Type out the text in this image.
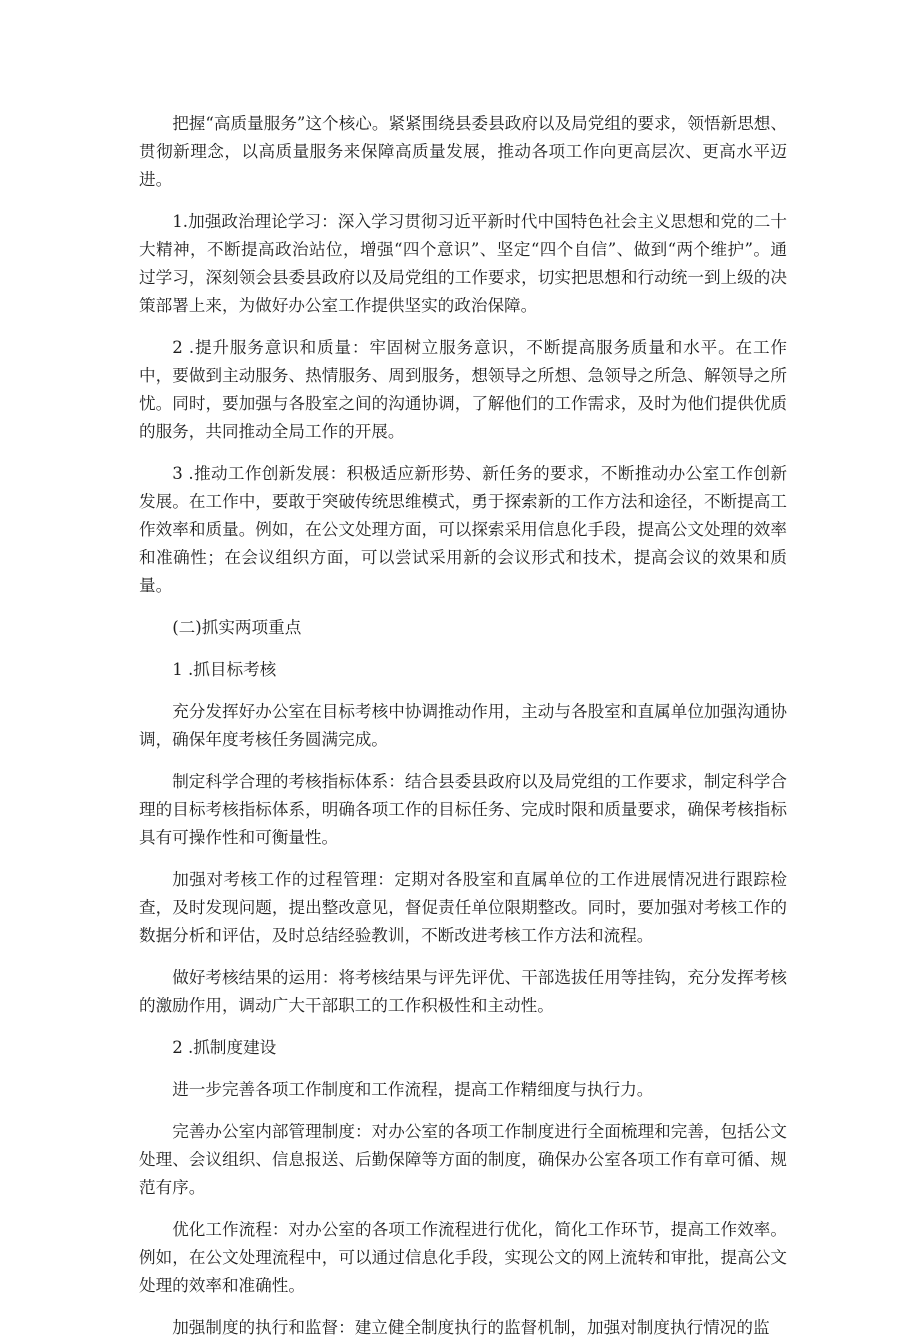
把握“高质量服务”这个核心。紧紧围绕县委县政府以及局党组的要求，领悟新思想、贯彻新理念，以高质量服务来保障高质量发展，推动各项工作向更高层次、更高水平迈进。

1.加强政治理论学习：深入学习贯彻习近平新时代中国特色社会主义思想和党的二十大精神，不断提高政治站位，增强“四个意识”、坚定“四个自信”、做到“两个维护”。通过学习，深刻领会县委县政府以及局党组的工作要求，切实把思想和行动统一到上级的决策部署上来，为做好办公室工作提供坚实的政治保障。

2 .提升服务意识和质量：牢固树立服务意识，不断提高服务质量和水平。在工作中，要做到主动服务、热情服务、周到服务，想领导之所想、急领导之所急、解领导之所忧。同时，要加强与各股室之间的沟通协调，了解他们的工作需求，及时为他们提供优质的服务，共同推动全局工作的开展。

3 .推动工作创新发展：积极适应新形势、新任务的要求，不断推动办公室工作创新发展。在工作中，要敢于突破传统思维模式，勇于探索新的工作方法和途径，不断提高工作效率和质量。例如，在公文处理方面，可以探索采用信息化手段，提高公文处理的效率和准确性；在会议组织方面，可以尝试采用新的会议形式和技术，提高会议的效果和质量。

(二)抓实两项重点

1 .抓目标考核

充分发挥好办公室在目标考核中协调推动作用，主动与各股室和直属单位加强沟通协调，确保年度考核任务圆满完成。

制定科学合理的考核指标体系：结合县委县政府以及局党组的工作要求，制定科学合理的目标考核指标体系，明确各项工作的目标任务、完成时限和质量要求，确保考核指标具有可操作性和可衡量性。

加强对考核工作的过程管理：定期对各股室和直属单位的工作进展情况进行跟踪检查，及时发现问题，提出整改意见，督促责任单位限期整改。同时，要加强对考核工作的数据分析和评估，及时总结经验教训，不断改进考核工作方法和流程。

做好考核结果的运用：将考核结果与评先评优、干部选拔任用等挂钩，充分发挥考核的激励作用，调动广大干部职工的工作积极性和主动性。

2 .抓制度建设

进一步完善各项工作制度和工作流程，提高工作精细度与执行力。

完善办公室内部管理制度：对办公室的各项工作制度进行全面梳理和完善，包括公文处理、会议组织、信息报送、后勤保障等方面的制度，确保办公室各项工作有章可循、规范有序。

优化工作流程：对办公室的各项工作流程进行优化，简化工作环节，提高工作效率。例如，在公文处理流程中，可以通过信息化手段，实现公文的网上流转和审批，提高公文处理的效率和准确性。

加强制度的执行和监督：建立健全制度执行的监督机制，加强对制度执行情况的监
